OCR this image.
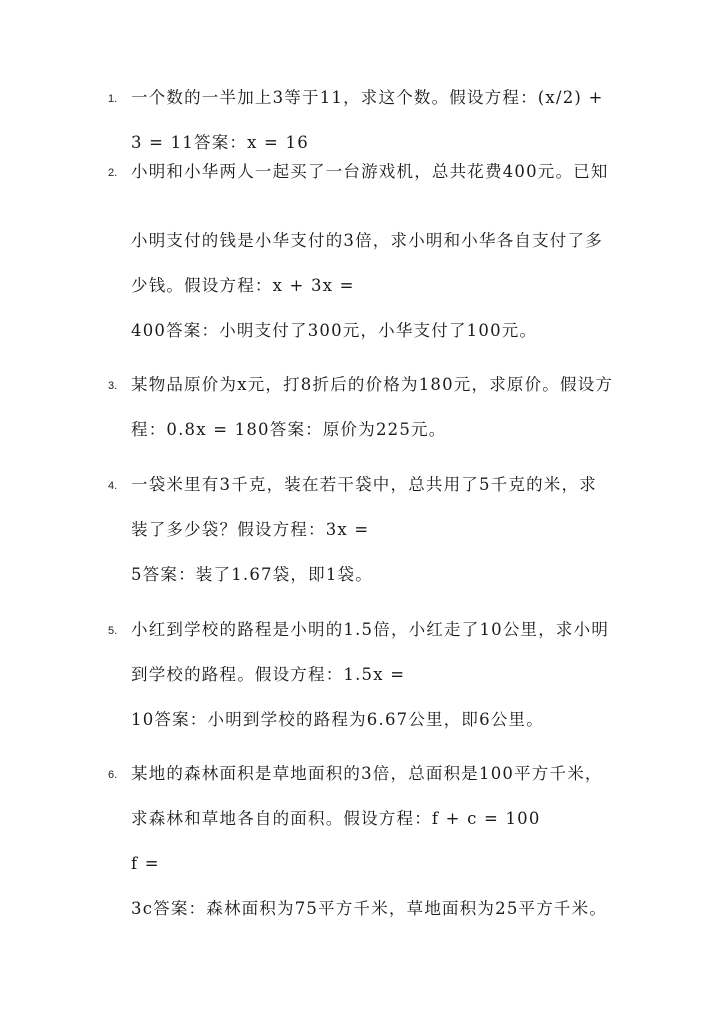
1. 一个数的一半加上3等于11，求这个数。假设方程：(x/2) +
3 = 11答案：x = 16
2. 小明和小华两人一起买了一台游戏机，总共花费400元。已知
小明支付的钱是小华支付的3倍，求小明和小华各自支付了多
少钱。假设方程：x + 3x =
400答案：小明支付了300元，小华支付了100元。
3. 某物品原价为x元，打8折后的价格为180元，求原价。假设方
程：0.8x = 180答案：原价为225元。
4. 一袋米里有3千克，装在若干袋中，总共用了5千克的米，求
装了多少袋？假设方程：3x =
5答案：装了1.67袋，即1袋。
5. 小红到学校的路程是小明的1.5倍，小红走了10公里，求小明
到学校的路程。假设方程：1.5x =
10答案：小明到学校的路程为6.67公里，即6公里。
6. 某地的森林面积是草地面积的3倍，总面积是100平方千米，
求森林和草地各自的面积。假设方程：f + c = 100
f =
3c答案：森林面积为75平方千米，草地面积为25平方千米。
